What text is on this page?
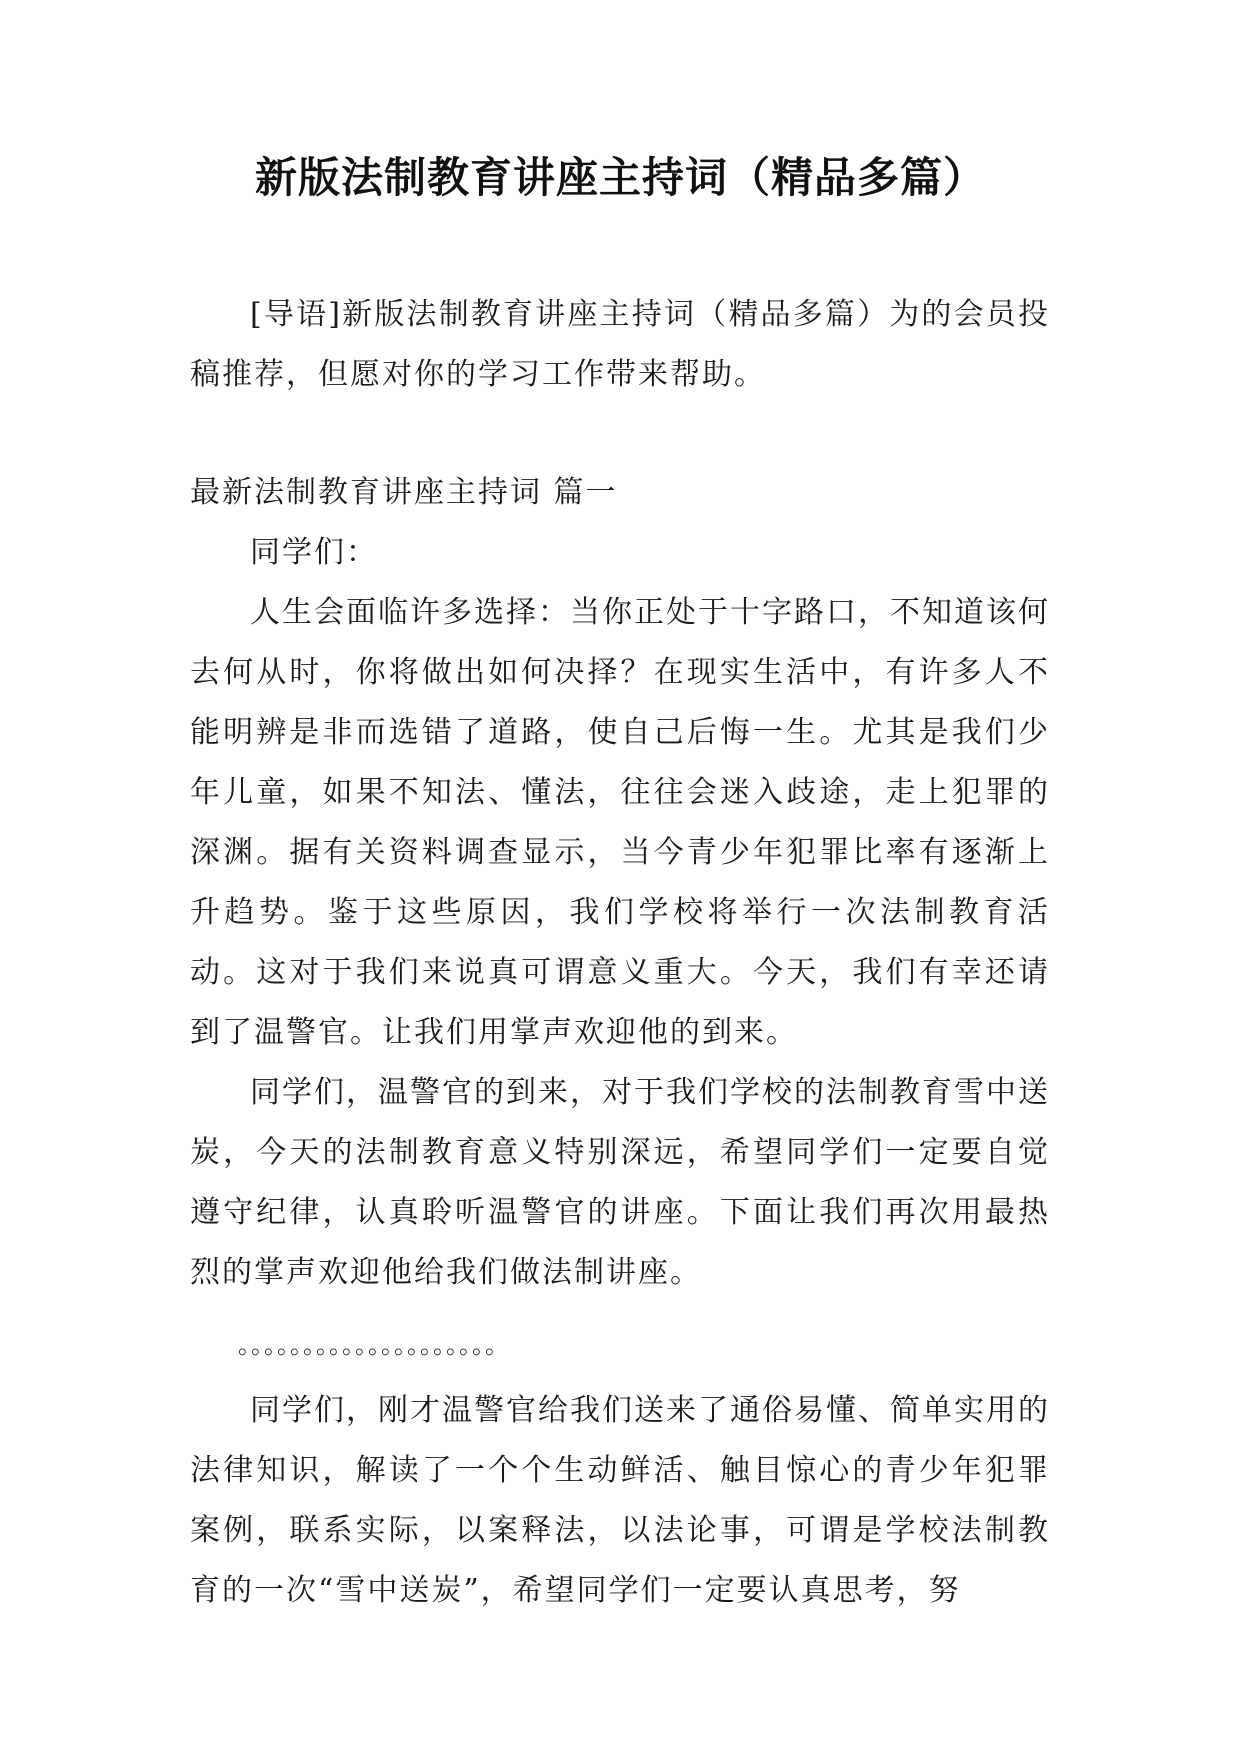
新版法制教育讲座主持词（精品多篇）

[导语]新版法制教育讲座主持词（精品多篇）为的会员投稿推荐，但愿对你的学习工作带来帮助。

最新法制教育讲座主持词 篇一

同学们：

人生会面临许多选择：当你正处于十字路口，不知道该何去何从时，你将做出如何决择？在现实生活中，有许多人不能明辨是非而选错了道路，使自己后悔一生。尤其是我们少年儿童，如果不知法、懂法，往往会迷入歧途，走上犯罪的深渊。据有关资料调查显示，当今青少年犯罪比率有逐渐上升趋势。鉴于这些原因，我们学校将举行一次法制教育活动。这对于我们来说真可谓意义重大。今天，我们有幸还请到了温警官。让我们用掌声欢迎他的到来。

同学们，温警官的到来，对于我们学校的法制教育雪中送炭，今天的法制教育意义特别深远，希望同学们一定要自觉遵守纪律，认真聆听温警官的讲座。下面让我们再次用最热烈的掌声欢迎他给我们做法制讲座。

。。。。。。。。。。。。。。。。。。。。

同学们，刚才温警官给我们送来了通俗易懂、简单实用的法律知识，解读了一个个生动鲜活、触目惊心的青少年犯罪案例，联系实际，以案释法，以法论事，可谓是学校法制教育的一次“雪中送炭”，希望同学们一定要认真思考，努
